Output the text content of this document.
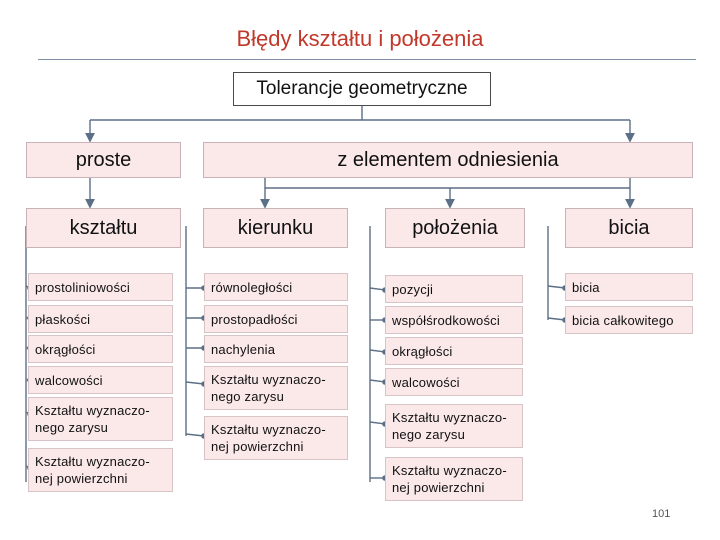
Błędy kształtu i położenia
Tolerancje geometryczne
proste	z elementem odniesienia
kształtu	kierunku	położenia	bicia
prostoliniowości
płaskości
okrągłości
walcowości
Kształtu wyznaczo-nego zarysu
Kształtu wyznaczo-nej powierzchni
równoległości
prostopadłości
nachylenia
Kształtu wyznaczo-nego zarysu
Kształtu wyznaczo-nej powierzchni
pozycji
współśrodkowości
okrągłości
walcowości
Kształtu wyznaczo-nego zarysu
Kształtu wyznaczo-nej powierzchni
bicia
bicia całkowitego
101
